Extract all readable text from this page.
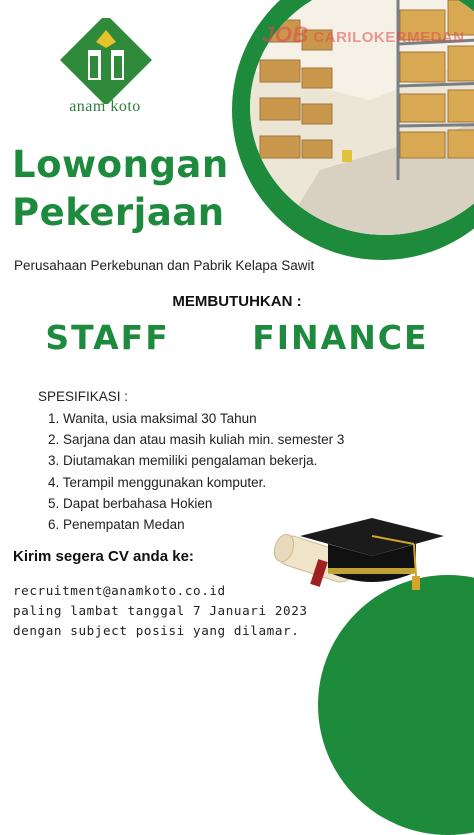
JOB CARILOKERMEDAN
anam koto
Lowongan
Pekerjaan
Perusahaan Perkebunan dan Pabrik Kelapa Sawit
MEMBUTUHKAN :
STAFF   FINANCE
SPESIFIKASI :
1. Wanita, usia maksimal 30 Tahun
2. Sarjana dan atau masih kuliah min. semester 3
3. Diutamakan memiliki pengalaman bekerja.
4. Terampil menggunakan komputer.
5. Dapat berbahasa Hokien
6. Penempatan Medan
Kirim segera CV anda ke:
recruitment@anamkoto.co.id
paling lambat tanggal 7 Januari 2023
dengan subject posisi yang dilamar.
